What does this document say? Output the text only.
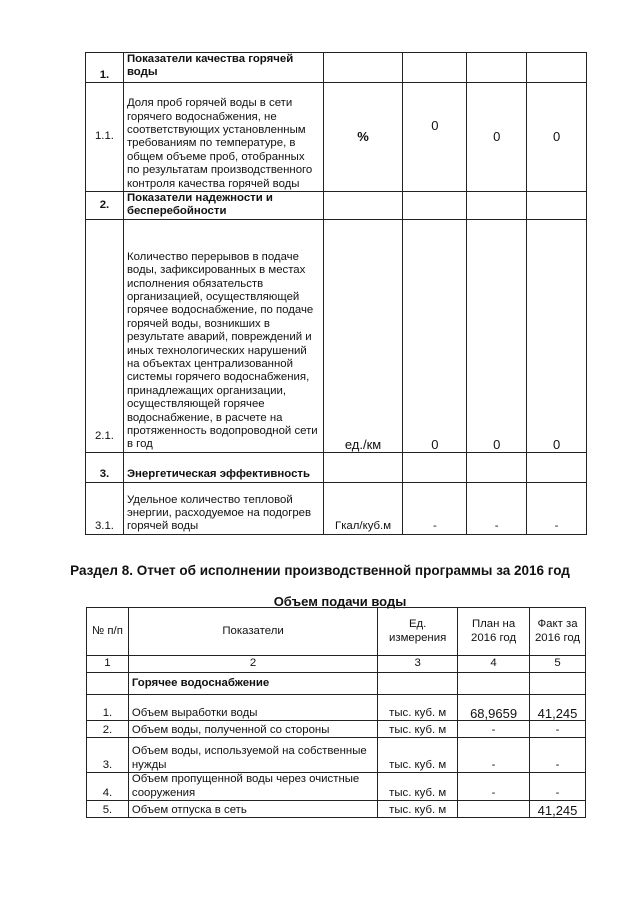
1.	Показатели качества горячей воды				
1.1.	Доля проб горячей воды в сети горячего водоснабжения, не соответствующих установленным требованиям по температуре, в общем объеме проб, отобранных по результатам производственного контроля качества горячей воды	%	0	0	0
2.	Показатели надежности и бесперебойности				
2.1.	Количество перерывов в подаче воды, зафиксированных в местах исполнения обязательств организацией, осуществляющей горячее водоснабжение, по подаче горячей воды, возникших в результате аварий, повреждений и иных технологических нарушений на объектах централизованной системы горячего водоснабжения, принадлежащих организации, осуществляющей горячее водоснабжение, в расчете на протяженность водопроводной сети в год	ед./км	0	0	0
3.	Энергетическая эффективность				
3.1.	Удельное количество тепловой энергии, расходуемое на подогрев горячей воды	Гкал/куб.м	-	-	-
Раздел 8. Отчет об исполнении производственной программы за 2016 год
Объем подачи воды
№ п/п	Показатели	Ед. измерения	План на 2016 год	Факт за 2016 год
1	2	3	4	5
	Горячее водоснабжение			
1.	Объем выработки воды	тыс. куб. м	68,9659	41,245
2.	Объем воды, полученной со стороны	тыс. куб. м	-	-
3.	Объем воды, используемой на собственные нужды	тыс. куб. м	-	-
4.	Объем пропущенной воды через очистные сооружения	тыс. куб. м	-	-
5.	Объем отпуска в сеть	тыс. куб. м		41,245
